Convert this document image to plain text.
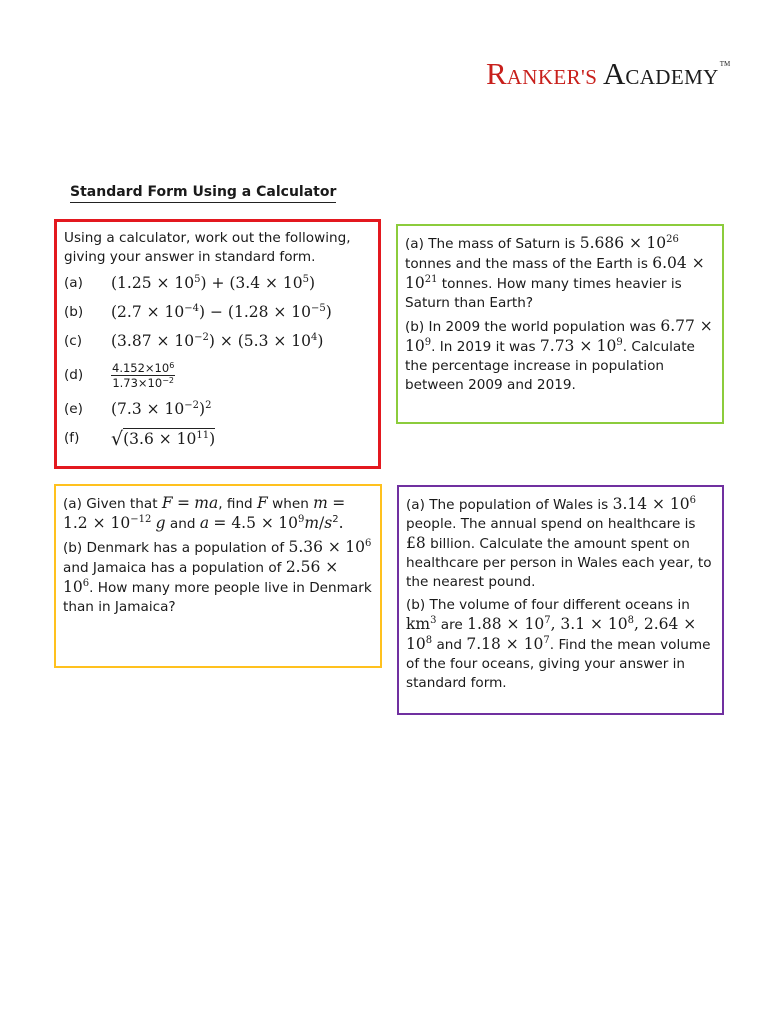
RANKER'S ACADEMY™
Standard Form Using a Calculator

Using a calculator, work out the following, giving your answer in standard form.

(a)	$(1.25 \times 10^5) + (3.4 \times 10^5)$
(b)	$(2.7 \times 10^{-4}) - (1.28 \times 10^{-5})$
(c)	$(3.87 \times 10^{-2}) \times (5.3 \times 10^4)$
(d)	$\frac{4.152\times 10^6}{1.73\times 10^{-2}}$
(e)	$(7.3 \times 10^{-2})^2$
(f)	√ $(3.6 \times 10^{11})$

(a) The mass of Saturn is $5.686 \times 10^{26}$ tonnes and the mass of the Earth is $6.04 \times 10^{21}$ tonnes. How many times heavier is Saturn than Earth?

(b) In 2009 the world population was $6.77 \times 10^9$. In 2019 it was $7.73 \times 10^9$. Calculate the percentage increase in population between 2009 and 2019.

(a) Given that F = ma, find F when $m = 1.2 \times 10^{-12}$ g and $a = 4.5 \times 10^9m/s^2$.

(b) Denmark has a population of $5.36 \times 10^6$ and Jamaica has a population of $2.56 \times 10^6$. How many more people live in Denmark than in Jamaica?

(a) The population of Wales is $3.14 \times 10^6$ people. The annual spend on healthcare is £8 billion. Calculate the amount spent on healthcare per person in Wales each year, to the nearest pound.

(b) The volume of four different oceans in $km^3$ are $1.88 \times 10^7$, $3.1 \times 10^8$, $2.64 \times 10^8$ and $7.18 \times 10^7$. Find the mean volume of the four oceans, giving your answer in standard form.
